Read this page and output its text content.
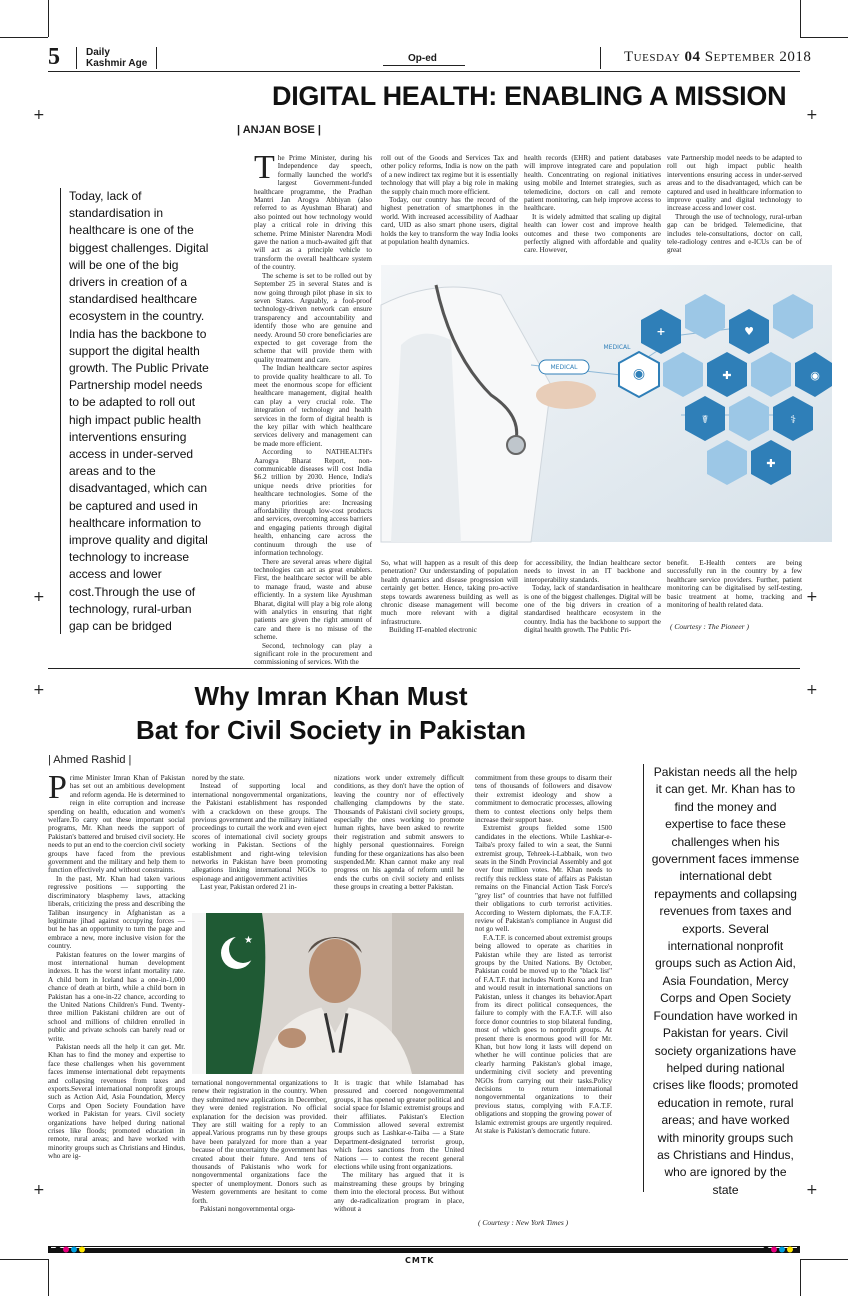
+	+
+	+
+	+
+	+
5	Daily
Kashmir Age	Op-ed	Tuesday 04 September 2018
DIGITAL HEALTH: ENABLING A MISSION
| ANJAN BOSE |
Today, lack of standardisation in healthcare is one of the biggest challenges. Digital will be one of the big drivers in creation of a standardised healthcare ecosystem in the country. India has the backbone to support the digital health growth. The Public Private Partnership model needs to be adapted to roll out high impact public health interventions ensuring access in under-served areas and to the disadvantaged, which can be captured and used in healthcare information to improve quality and digital technology to increase access and lower cost.Through the use of technology, rural-urban gap can be bridged

The Prime Minister, during his Independence day speech, formally launched the world's largest Government-funded healthcare programme, the Pradhan Mantri Jan Arogya Abhiyan (also referred to as Ayushman Bharat) and also pointed out how technology would play a critical role in driving this scheme. Prime Minister Narendra Modi gave the nation a much-awaited gift that will act as a principle vehicle to transform the overall healthcare system of the country.

The scheme is set to be rolled out by September 25 in several States and is now going through pilot phase in six to seven States. Arguably, a fool-proof technology-driven network can ensure transparency and accountability and identify those who are genuine and needy. Around 50 crore beneficiaries are expected to get coverage from the scheme that will provide them with quality treatment and care.

The Indian healthcare sector aspires to provide quality healthcare to all. To meet the enormous scope for efficient healthcare management, digital health can play a very crucial role. The integration of technology and health services in the form of digital health is the key pillar with which healthcare services delivery and management can be made more efficient.

According to NATHEALTH's Aarogya Bharat Report, non-communicable diseases will cost India $6.2 trillion by 2030. Hence, India's unique needs drive priorities for healthcare technologies. Some of the many priorities are: Increasing affordability through low-cost products and services, overcoming access barriers and engaging patients through digital health, enhancing care across the continuum through the use of information technology.

There are several areas where digital technologies can act as great enablers. First, the healthcare sector will be able to manage fraud, waste and abuse efficiently. In a system like Ayushman Bharat, digital will play a big role along with analytics in ensuring that right patients are given the right amount of care and there is no misuse of the scheme.

Second, technology can play a significant role in the procurement and commissioning of services. With the

roll out of the Goods and Services Tax and other policy reforms, India is now on the path of a new indirect tax regime but it is essentially technology that will play a big role in making the supply chain much more efficient.

Today, our country has the record of the highest penetration of smartphones in the world. With increased accessibility of Aadhaar card, UID as also smart phone users, digital holds the key to transform the way India looks at population health dynamics.

health records (EHR) and patient databases will improve integrated care and population health. Concentrating on regional initiatives using mobile and Internet strategies, such as telemedicine, doctors on call and remote patient monitoring, can help improve access to healthcare.

It is widely admitted that scaling up digital health can lower cost and improve health outcomes and these two components are perfectly aligned with affordable and quality care. However,

vate Partnership model needs to be adapted to roll out high impact public health interventions ensuring access in under-served areas and to the disadvantaged, which can be captured and used in healthcare information to improve quality and digital technology to increase access and lower cost.

Through the use of technology, rural-urban gap can be bridged. Telemedicine, that includes tele-consultations, doctor on call, tele-radiology centres and e-ICUs can be of great

+	♥
✚	◉
☤	⚕
✚
◉
MEDICAL
MEDICAL

So, what will happen as a result of this deep penetration? Our understanding of population health dynamics and disease progression will certainly get better. Hence, taking pro-active steps towards awareness building as well as chronic disease management will become much more relevant with a digital infrastructure.

Building IT-enabled electronic

for accessibility, the Indian healthcare sector needs to invest in an IT backbone and interoperability standards.

Today, lack of standardisation in healthcare is one of the biggest challenges. Digital will be one of the big drivers in creation of a standardised healthcare ecosystem in the country. India has the backbone to support the digital health growth. The Public Pri-

benefit. E-Health centers are being successfully run in the country by a few healthcare service providers. Further, patient monitoring can be digitalised by self-testing, basic treatment at home, tracking and monitoring of health related data.

( Courtesy : The Pioneer )
Why Imran Khan Must
Bat for Civil Society in Pakistan
| Ahmed Rashid |
Pakistan needs all the help it can get. Mr. Khan has to find the money and expertise to face these challenges when his government faces immense international debt repayments and collapsing revenues from taxes and exports. Several international nonprofit groups such as Action Aid, Asia Foundation, Mercy Corps and Open Society Foundation have worked in Pakistan for years. Civil society organizations have helped during national crises like floods; promoted education in remote, rural areas; and have worked with minority groups such as Christians and Hindus, who are ignored by the state

Prime Minister Imran Khan of Pakistan has set out an ambitious development and reform agenda. He is determined to reign in elite corruption and increase spending on health, education and women's welfare.To carry out these important social programs, Mr. Khan needs the support of Pakistan's battered and bruised civil society. He needs to put an end to the coercion civil society groups have faced from the previous government and the military and help them to function effectively and without constraints.

In the past, Mr. Khan had taken various regressive positions — supporting the discriminatory blasphemy laws, attacking liberals, criticizing the press and describing the Taliban insurgency in Afghanistan as a legitimate jihad against occupying forces — but he has an opportunity to turn the page and embrace a new, more inclusive vision for the country.

Pakistan features on the lower margins of most international human development indexes. It has the worst infant mortality rate. A child born in Iceland has a one-in-1,000 chance of death at birth, while a child born in Pakistan has a one-in-22 chance, according to the United Nations Children's Fund. Twenty-three million Pakistani children are out of school and millions of children enrolled in public and private schools can barely read or write.

Pakistan needs all the help it can get. Mr. Khan has to find the money and expertise to face these challenges when his government faces immense international debt repayments and collapsing revenues from taxes and exports.Several international nonprofit groups such as Action Aid, Asia Foundation, Mercy Corps and Open Society Foundation have worked in Pakistan for years. Civil society organizations have helped during national crises like floods; promoted education in remote, rural areas; and have worked with minority groups such as Christians and Hindus, who are ig-

nored by the state.

Instead of supporting local and international nongovernmental organizations, the Pakistani establishment has responded with a crackdown on these groups. The previous government and the military initiated proceedings to curtail the work and even eject scores of international civil society groups working in Pakistan. Sections of the establishment and right-wing television networks in Pakistan have been promoting allegations linking international NGOs to espionage and antigovernment activities

Last year, Pakistan ordered 21 in-

nizations work under extremely difficult conditions, as they don't have the option of leaving the country nor of effectively challenging clampdowns by the state. Thousands of Pakistani civil society groups, especially the ones working to promote human rights, have been asked to rewrite their registration and submit answers to highly personal questionnaires. Foreign funding for these organizations has also been suspended.Mr. Khan cannot make any real progress on his agenda of reform until he ends the curbs on civil society and enlists these groups in creating a better Pakistan.

★

ternational nongovernmental organizations to renew their registration in the country. When they submitted new applications in December, they were denied registration. No official explanation for the decision was provided. They are still waiting for a reply to an appeal.Various programs run by these groups have been paralyzed for more than a year because of the uncertainty the government has created about their future. And tens of thousands of Pakistanis who work for nongovernmental organizations face the specter of unemployment. Donors such as Western governments are hesitant to come forth.

Pakistani nongovernmental orga-

It is tragic that while Islamabad has pressured and coerced nongovernmental groups, it has opened up greater political and social space for Islamic extremist groups and their affiliates. Pakistan's Election Commission allowed several extremist groups such as Lashkar-e-Taiba — a State Department-designated terrorist group, which faces sanctions from the United Nations — to contest the recent general elections while using front organizations.

The military has argued that it is mainstreaming these groups by bringing them into the electoral process. But without any de-radicalization program in place, without a

commitment from these groups to disarm their tens of thousands of followers and disavow their extremist ideology and show a commitment to democratic processes, allowing them to contest elections only helps them increase their support base.

Extremist groups fielded some 1500 candidates in the elections. While Lashkar-e-Taiba's proxy failed to win a seat, the Sunni extremist group, Tehreek-i-Labbaik, won two seats in the Sindh Provincial Assembly and got over four million votes. Mr. Khan needs to rectify this reckless state of affairs as Pakistan remains on the Financial Action Task Force's "grey list" of countries that have not fulfilled their obligations to curb terrorist activities. According to Western diplomats, the F.A.T.F. review of Pakistan's compliance in August did not go well.

F.A.T.F. is concerned about extremist groups being allowed to operate as charities in Pakistan while they are listed as terrorist groups by the United Nations. By October, Pakistan could be moved up to the "black list" of F.A.T.F. that includes North Korea and Iran and would result in international sanctions on Pakistan, unless it changes its behavior.Apart from its direct political consequences, the failure to comply with the F.A.T.F. will also force donor countries to stop bilateral funding, most of which goes to nonprofit groups. At present there is enormous good will for Mr. Khan, but how long it lasts will depend on whether he will continue policies that are clearly harming Pakistan's global image, undermining civil society and preventing NGOs from carrying out their tasks.Policy decisions to return international nongovernmental organizations to their previous status, complying with F.A.T.F. obligations and stopping the growing power of Islamic extremist groups are urgently required. At stake is Pakistan's democratic future.

( Courtesy : New York Times )
CMTK
